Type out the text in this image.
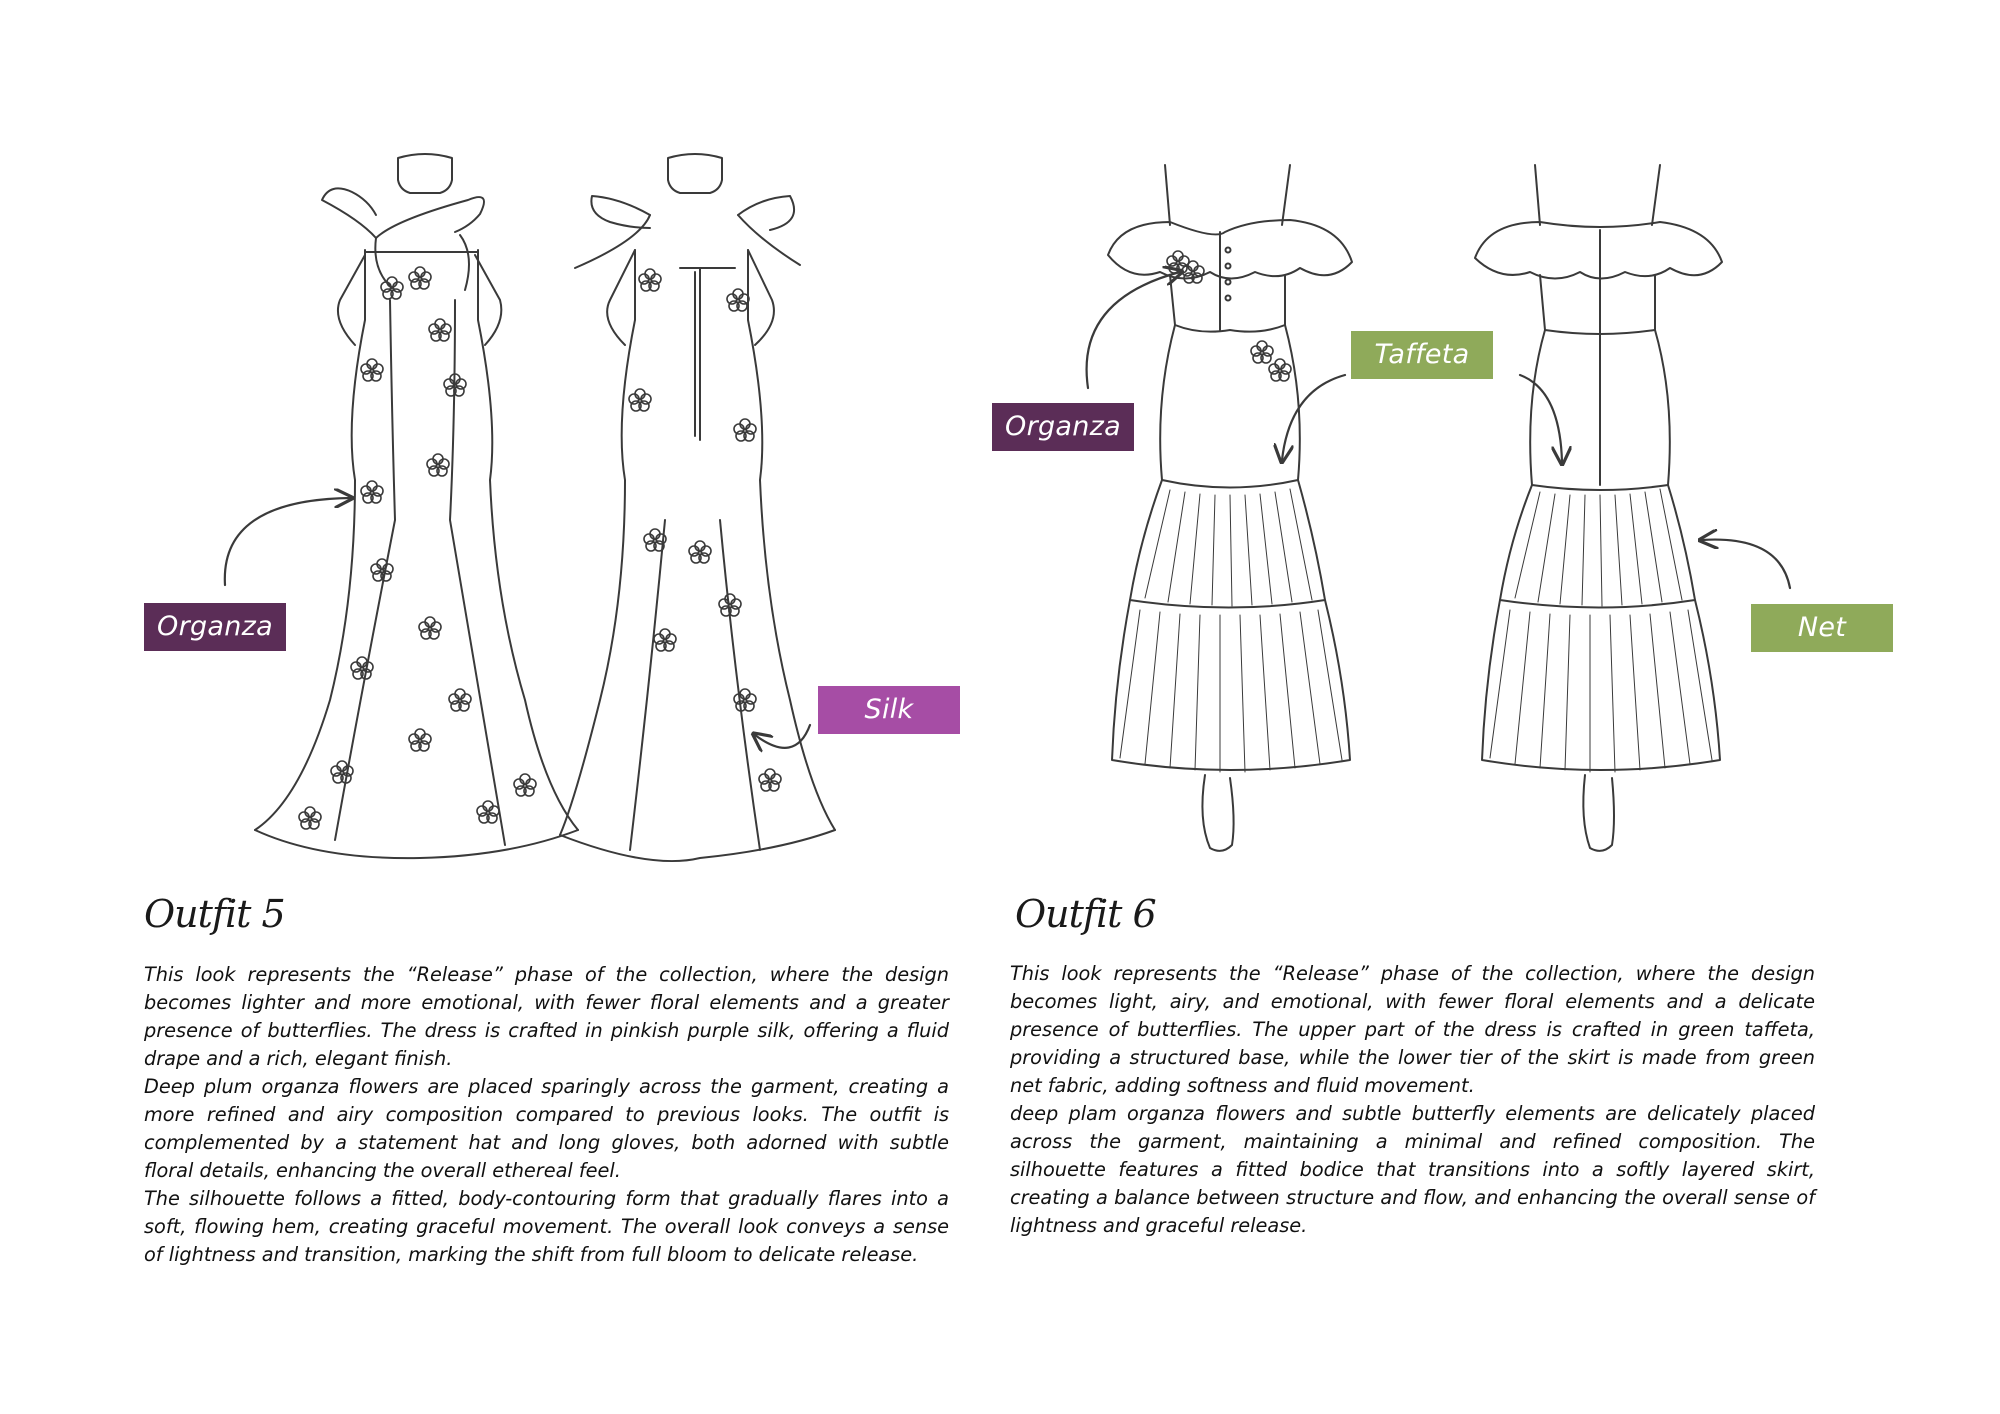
Organza
Silk
Organza
Taffeta
Net
Outfit 5

This look represents the “Release” phase of the collection, where the design becomes lighter and more emotional, with fewer floral elements and a greater presence of butterflies. The dress is crafted in pinkish purple silk, offering a fluid drape and a rich, elegant finish.

Deep plum organza flowers are placed sparingly across the garment, creating a more refined and airy composition compared to previous looks. The outfit is complemented by a statement hat and long gloves, both adorned with subtle floral details, enhancing the overall ethereal feel.

The silhouette follows a fitted, body-contouring form that gradually flares into a soft, flowing hem, creating graceful movement. The overall look conveys a sense of lightness and transition, marking the shift from full bloom to delicate release.

Outfit 6

This look represents the “Release” phase of the collection, where the design becomes light, airy, and emotional, with fewer floral elements and a delicate presence of butterflies. The upper part of the dress is crafted in green taffeta, providing a structured base, while the lower tier of the skirt is made from green net fabric, adding softness and fluid movement.

deep plam organza flowers and subtle butterfly elements are delicately placed across the garment, maintaining a minimal and refined composition. The silhouette features a fitted bodice that transitions into a softly layered skirt, creating a balance between structure and flow, and enhancing the overall sense of lightness and graceful release.
